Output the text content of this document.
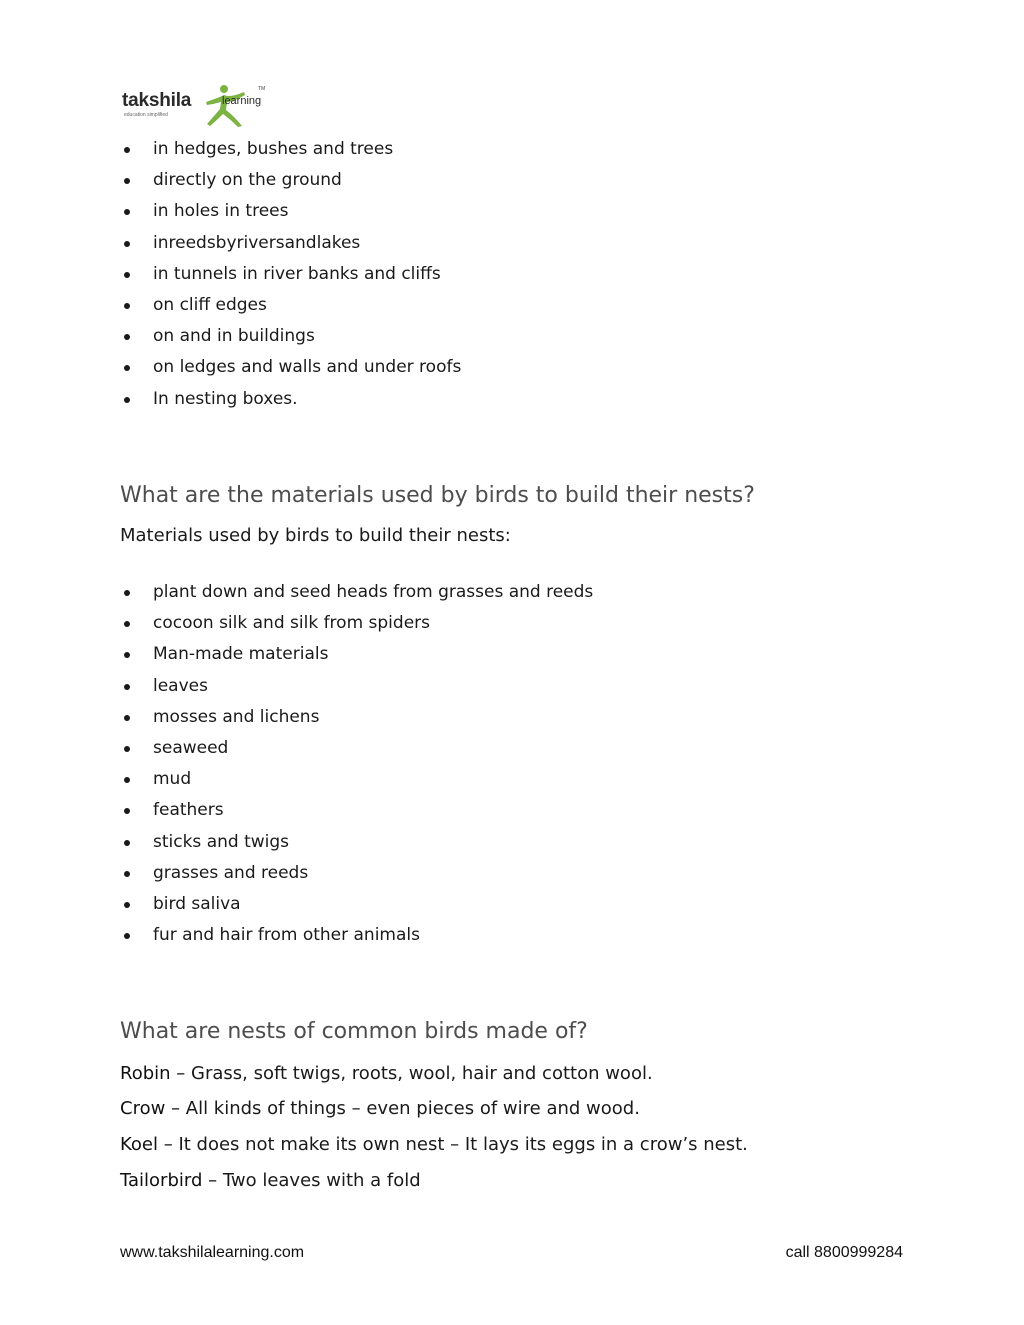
takshila	learning
TM
education simplified
in hedges, bushes and trees
directly on the ground
in holes in trees
inreedsbyriversandlakes
in tunnels in river banks and cliffs
on cliff edges
on and in buildings
on ledges and walls and under roofs
In nesting boxes.
What are the materials used by birds to build their nests?
Materials used by birds to build their nests:
plant down and seed heads from grasses and reeds
cocoon silk and silk from spiders
Man-made materials
leaves
mosses and lichens
seaweed
mud
feathers
sticks and twigs
grasses and reeds
bird saliva
fur and hair from other animals
What are nests of common birds made of?
Robin – Grass, soft twigs, roots, wool, hair and cotton wool.
Crow – All kinds of things – even pieces of wire and wood.
Koel – It does not make its own nest – It lays its eggs in a crow’s nest.
Tailorbird – Two leaves with a fold
www.takshilalearning.com	call 8800999284
